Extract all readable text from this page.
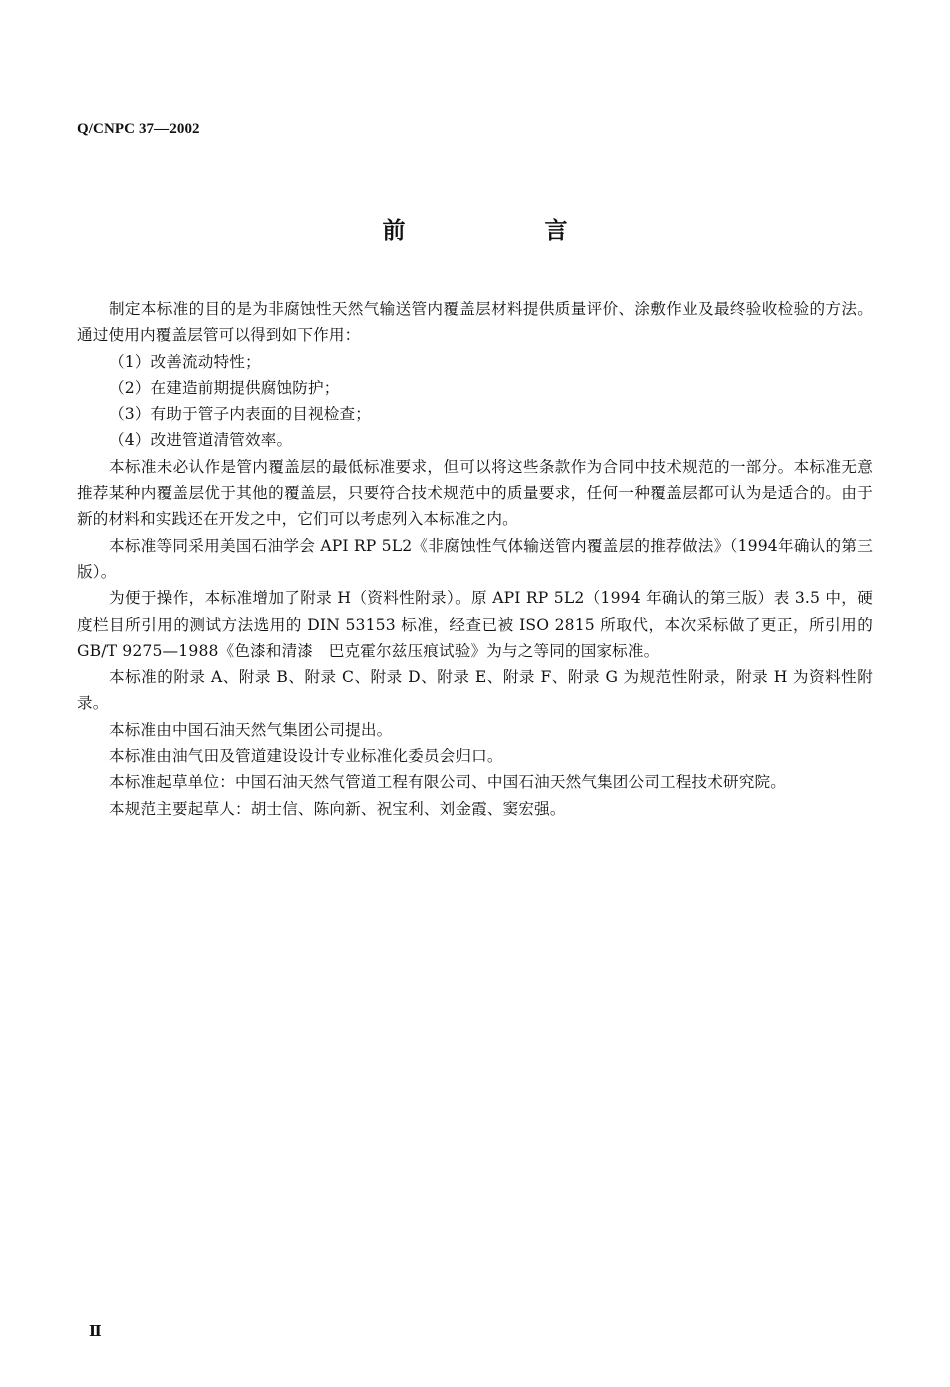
Q/CNPC 37—2002
前　言

制定本标准的目的是为非腐蚀性天然气输送管内覆盖层材料提供质量评价、涂敷作业及最终验收检验的方法。通过使用内覆盖层管可以得到如下作用：

（1）改善流动特性；

（2）在建造前期提供腐蚀防护；

（3）有助于管子内表面的目视检查；

（4）改进管道清管效率。

本标准未必认作是管内覆盖层的最低标准要求，但可以将这些条款作为合同中技术规范的一部分。本标准无意推荐某种内覆盖层优于其他的覆盖层，只要符合技术规范中的质量要求，任何一种覆盖层都可认为是适合的。由于新的材料和实践还在开发之中，它们可以考虑列入本标准之内。

本标准等同采用美国石油学会 API RP 5L2《非腐蚀性气体输送管内覆盖层的推荐做法》（1994年确认的第三版）。

为便于操作，本标准增加了附录 H（资料性附录）。原 API RP 5L2（1994 年确认的第三版）表 3.5 中，硬度栏目所引用的测试方法选用的 DIN 53153 标准，经查已被 ISO 2815 所取代，本次采标做了更正，所引用的 GB/T 9275—1988《色漆和清漆　巴克霍尔兹压痕试验》为与之等同的国家标准。

本标准的附录 A、附录 B、附录 C、附录 D、附录 E、附录 F、附录 G 为规范性附录，附录 H 为资料性附录。

本标准由中国石油天然气集团公司提出。

本标准由油气田及管道建设设计专业标准化委员会归口。

本标准起草单位：中国石油天然气管道工程有限公司、中国石油天然气集团公司工程技术研究院。

本规范主要起草人：胡士信、陈向新、祝宝利、刘金霞、窦宏强。

Ⅱ
